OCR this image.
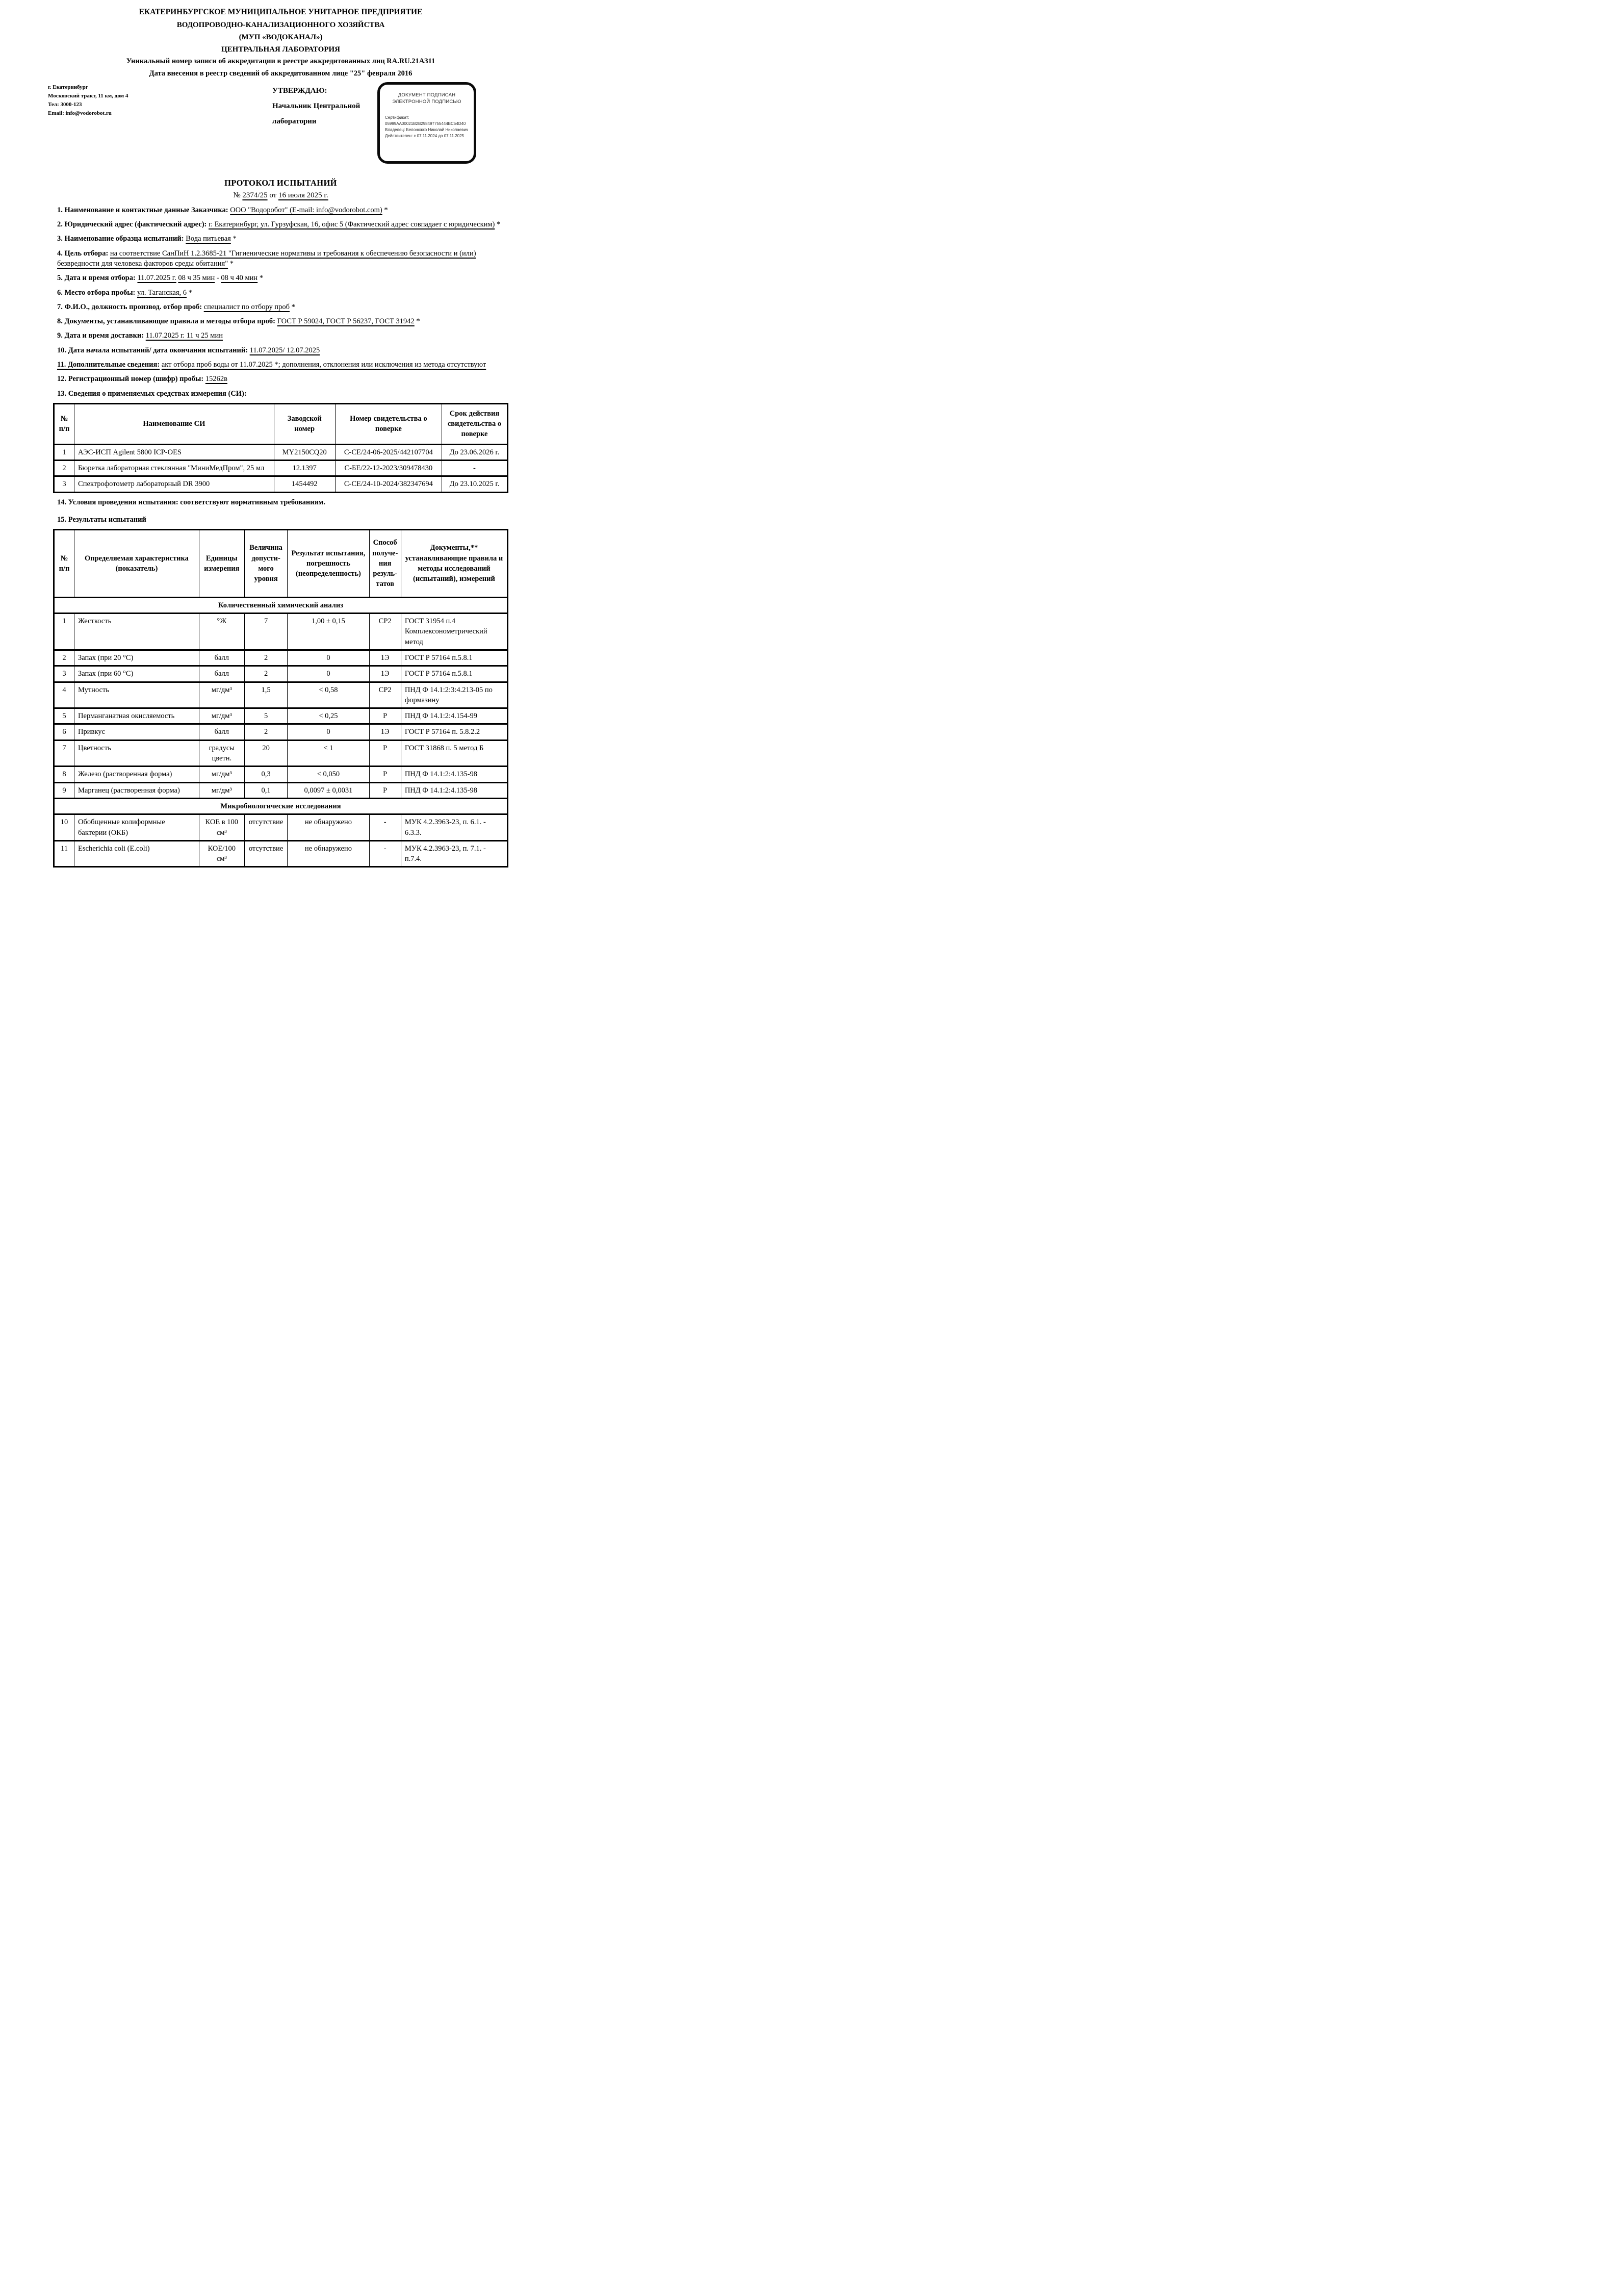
ЕКАТЕРИНБУРГСКОЕ МУНИЦИПАЛЬНОЕ УНИТАРНОЕ ПРЕДПРИЯТИЕ
ВОДОПРОВОДНО-КАНАЛИЗАЦИОННОГО ХОЗЯЙСТВА
(МУП «ВОДОКАНАЛ»)
ЦЕНТРАЛЬНАЯ ЛАБОРАТОРИЯ
Уникальный номер записи об аккредитации в реестре аккредитованных лиц RA.RU.21АЗ11
Дата внесения в реестр сведений об аккредитованном лице "25" февраля 2016
г. Екатеринбург
Московский тракт, 11 км, дом 4
Тел: 3000-123
Email: info@vodorobot.ru
УТВЕРЖДАЮ:
Начальник Центральной
лаборатории
ДОКУМЕНТ ПОДПИСАН
ЭЛЕКТРОННОЙ ПОДПИСЬЮ
Сертификат:
05999AA00021B2B298497755444BC54D40
Владелец: Белоножко Николай Николаевич
Действителен: с 07.11.2024 до 07.11.2025
ПРОТОКОЛ ИСПЫТАНИЙ
№ 2374/25 от 16 июля 2025 г.
1. Наименование и контактные данные Заказчика: ООО "Водоробот" (E-mail: info@vodorobot.com) *
2. Юридический адрес (фактический адрес): г. Екатеринбург, ул. Гурзуфская, 16, офис 5 (Фактический адрес совпадает с юридическим) *
3. Наименование образца испытаний: Вода питьевая *
4. Цель отбора: на соответствие СанПиН 1.2.3685-21 "Гигиенические нормативы и требования к обеспечению безопасности и (или) безвредности для человека факторов среды обитания" *
5. Дата и время отбора: 11.07.2025 г. 08 ч 35 мин - 08 ч 40 мин *
6. Место отбора пробы: ул. Таганская, 6 *
7. Ф.И.О., должность производ. отбор проб: специалист по отбору проб *
8. Документы, устанавливающие правила и методы отбора проб: ГОСТ Р 59024, ГОСТ Р 56237, ГОСТ 31942 *
9. Дата и время доставки: 11.07.2025 г. 11 ч 25 мин
10. Дата начала испытаний/ дата окончания испытаний: 11.07.2025/ 12.07.2025
11. Дополнительные сведения: акт отбора проб воды от 11.07.2025 *; дополнения, отклонения или исключения из метода отсутствуют
12. Регистрационный номер (шифр) пробы: 15262в
13. Сведения о применяемых средствах измерения (СИ):
№ п/п	Наименование СИ	Заводской номер	Номер свидетельства о поверке	Срок действия свидетельства о поверке
1	АЭС-ИСП Agilent 5800 ICP-OES	MY2150CQ20	С-СЕ/24-06-2025/442107704	До 23.06.2026 г.
2	Бюретка лабораторная стеклянная "МиниМедПром", 25 мл	12.1397	С-БЕ/22-12-2023/309478430	-
3	Спектрофотометр лабораторный DR 3900	1454492	С-СЕ/24-10-2024/382347694	До 23.10.2025 г.
14. Условия проведения испытания: соответствуют нормативным требованиям.
15. Результаты испытаний
№ п/п	Определяемая характеристика (показатель)	Единицы измерения	Величина допусти- мого уровня	Результат испытания, погрешность (неопределенность)	Способ получе- ния резуль- татов	Документы,** устанавливающие правила и методы исследований (испытаний), измерений
Количественный химический анализ						
1	Жесткость	°Ж	7	1,00 ± 0,15	СР2	ГОСТ 31954 п.4 Комплексонометрический метод
2	Запах (при 20 °С)	балл	2	0	1Э	ГОСТ Р 57164 п.5.8.1
3	Запах (при 60 °С)	балл	2	0	1Э	ГОСТ Р 57164 п.5.8.1
4	Мутность	мг/дм³	1,5	< 0,58	СР2	ПНД Ф 14.1:2:3:4.213-05 по формазину
5	Перманганатная окисляемость	мг/дм³	5	< 0,25	Р	ПНД Ф 14.1:2:4.154-99
6	Привкус	балл	2	0	1Э	ГОСТ Р 57164 п. 5.8.2.2
7	Цветность	градусы цветн.	20	< 1	Р	ГОСТ 31868 п. 5 метод Б
8	Железо (растворенная форма)	мг/дм³	0,3	< 0,050	Р	ПНД Ф 14.1:2:4.135-98
9	Марганец (растворенная форма)	мг/дм³	0,1	0,0097 ± 0,0031	Р	ПНД Ф 14.1:2:4.135-98
Микробиологические исследования						
10	Обобщенные колиформные бактерии (ОКБ)	КОЕ в 100 см³	отсутствие	не обнаружено	-	МУК 4.2.3963-23, п. 6.1. - 6.3.3.
11	Escherichia coli (E.coli)	КОЕ/100 см³	отсутствие	не обнаружено	-	МУК 4.2.3963-23, п. 7.1. - п.7.4.
